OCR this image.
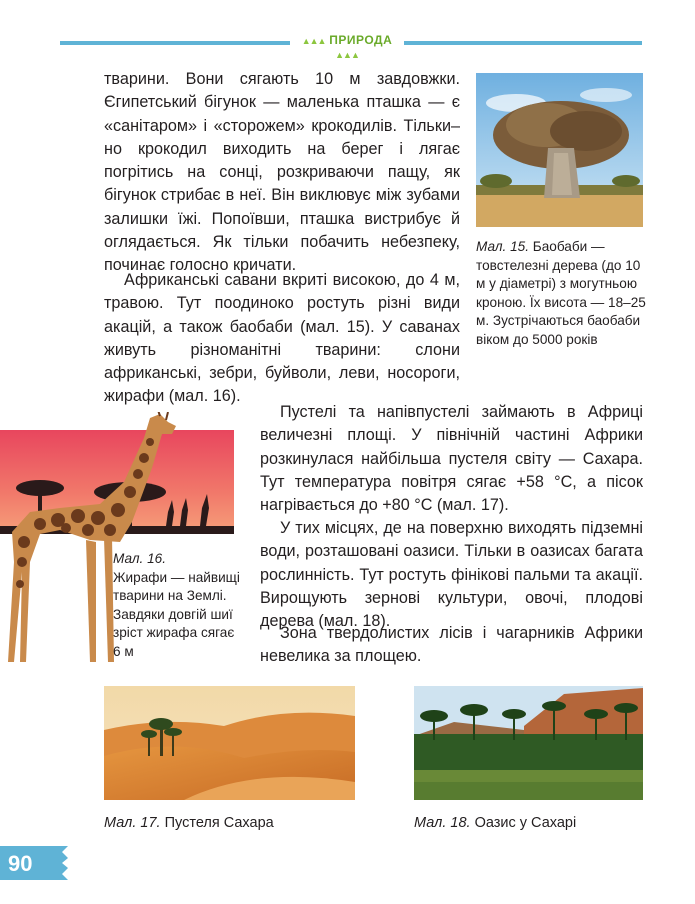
▲▲▲ ПРИРОДА ▲▲▲

тварини. Вони сягають 10 м завдовжки. Єгипетський бігунок — маленька пташка — є «санітаром» і «сторожем» крокодилів. Тільки–но крокодил виходить на берег і лягає погрітись на сонці, розкриваючи пащу, як бігунок стрибає в неї. Він виклювує між зубами залишки їжі. Попоївши, пташка вистрибує й оглядається. Як тільки побачить небезпеку, починає голосно кричати.

Африканські савани вкриті високою, до 4 м, травою. Тут поодиноко ростуть різні види акацій, а також баобаби (мал. 15). У саванах живуть різноманітні тварини: слони африканські, зебри, буйволи, леви, носороги, жирафи (мал. 16).

Пустелі та напівпустелі займають в Африці величезні площі. У північній частині Африки розкинулася найбільша пустеля світу — Сахара. Тут температура повітря сягає +58 °С, а пісок нагрівається до +80 °С (мал. 17).

У тих місцях, де на поверхню виходять підземні води, розташовані оазиси. Тільки в оазисах багата рослинність. Тут ростуть фінікові пальми та акації. Вирощують зернові культури, овочі, плодові дерева (мал. 18).

Зона твердолистих лісів і чагарників Африки невелика за площею.

Мал. 15. Баобаби — товстелезні дерева (до 10 м у діаметрі) з могутньою кроною. Їх висота — 18–25 м. Зустрічаються баобаби віком до 5000 років
Мал. 16.
Жирафи — найвищі тварини на Землі. Завдяки довгій шиї зріст жирафа сягає 6 м
Мал. 17. Пустеля Сахара	Мал. 18. Оазис у Сахарі
90
